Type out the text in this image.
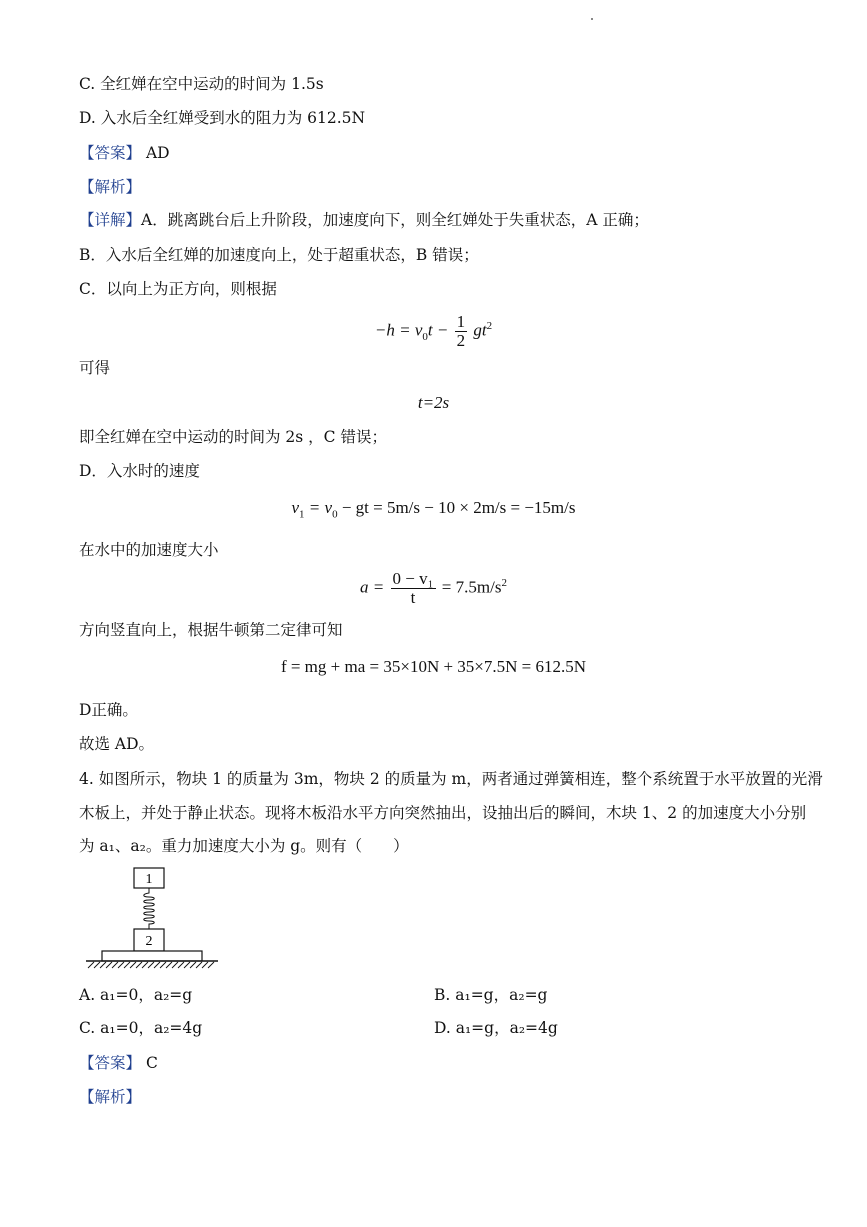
C. 全红婵在空中运动的时间为 1.5s
D. 入水后全红婵受到水的阻力为 612.5N
【答案】 AD
【解析】
【详解】A．跳离跳台后上升阶段，加速度向下，则全红婵处于失重状态，A 正确；
B．入水后全红婵的加速度向上，处于超重状态，B 错误；
C．以向上为正方向，则根据
$-h = v_0t - \frac{1}{2} gt^2$
可得
t=2s
即全红婵在空中运动的时间为 2s ，C 错误；
D．入水时的速度
$v_1 = v_0$ − gt = 5m/s − 10 × 2m/s = −15m/s
在水中的加速度大小
$a = \frac{\text{0 − v₁}}{t} = 7.5m/s^2$
方向竖直向上，根据牛顿第二定律可知
f = mg + ma = 35×10N + 35×7.5N = 612.5N
D正确。
故选 AD。
4. 如图所示，物块 1 的质量为 3m，物块 2 的质量为 m，两者通过弹簧相连，整个系统置于水平放置的光滑
木板上，并处于静止状态。现将木板沿水平方向突然抽出，设抽出后的瞬间，木块 1、2 的加速度大小分别
为 a₁、a₂。重力加速度大小为 g。则有（　　）
1
2
A. a₁=0，a₂=g	B. a₁=g，a₂=g
C. a₁=0，a₂=4g	D. a₁=g，a₂=4g
【答案】 C
【解析】
